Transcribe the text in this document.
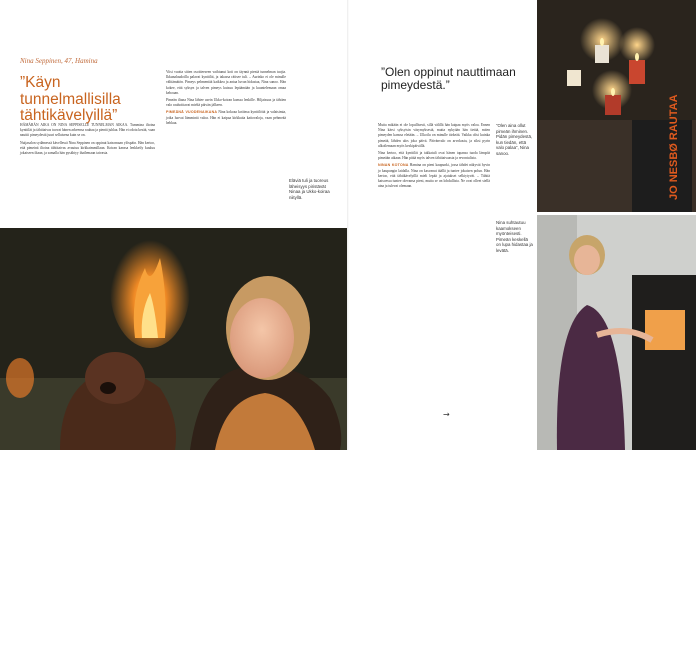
Nina Seppinen, 47, Hamina
”Käyn tunnelmallisilla tähtikävelyillä”

HÄMÄRÄN AIKA ON NINA SEPPISELLE TUNNELMAN AIKAA. Tummina iltoina kynttilät ja tähtitaivas tuovat hänen arkeensa rauhaa ja pientä juhlaa. Hän ei odota kesää, vaan nauttii pimeydestä juuri sellaisena kuin se on.

Nuijasalon sydämessä kävellessä Nina Seppinen on oppinut katsomaan ylöspäin. Hän kertoo, että pimeinä iltoina tähtitaivas avautuu kirkkaimmillaan. Koiran kanssa lenkkeily kuuluu jokaiseen iltaan, ja samalla hän pysähtyy ihailemaan taivasta.

Viisi vuotta sitten osoitteeseen vaihtunut koti on täynnä pieniä tunnelman tuojia. Ikkunalaudoilla palavat kynttilät, ja takassa rätisee tuli. – Aurinko ei ole minulle välttämätön. Pimeys pehmentää kaikkea ja antaa luvan hidastaa, Nina sanoo. Hän kokee, että syksyn ja talven pimeys kutsuu lepäämään ja kuuntelemaan omaa kehoaan.

Pimeän iltana Nina lähtee usein Ukko-koiran kanssa lenkille. Hiljaisuus ja tähtien valo rauhoittavat mieltä päivän jälkeen.

PIMEÄNÄ VUODENAIKANA Nina kokoaa kotiinsa kynttilöitä ja valaisimia, jotka luovat lämmintä valoa. Hän ei kaipaa kirkkaita kattovaloja, vaan pehmeää hehkua.

Eläviä tuli ja tuoreus läheisyys piristävät Ninaa ja Ukko-koiraa niityllä.
18 HYVÄ TERVEYS 11/2024
”Olen oppinut nauttimaan pimeydestä.”

Mutta mikään ei ole lopullisesti, sillä välillä hän kaipaa myös valoa. Ennen Nina kärsi syksyisin väsymyksestä, mutta nykyään hän tietää, miten pimeyden kanssa eletään. – Ulkoilu on minulle tärkeää. Vaikka olisi kuinka pimeää, lähden ulos joka päivä. Päivänvalo on arvokasta, ja siksi pyrin ulkoilemaan myös keskipäivällä.

Nina kertoo, että kynttilät ja takkatuli ovat hänen tapansa tuoda lämpöä pimeään aikaan. Hän pitää myös talven tähtitaivaasta ja revontulista.

NINAN KOTONA Hamina on pieni kaupunki, jossa tähdet näkyvät hyvin jo kaupungin laidalla. Nina on kasvanut täällä ja tuntee jokaisen polun. Hän kertoo, että tähtikävelyillä mieli lepää ja ajatukset selkiytyvät. – Tähtiä katsoessa tuntee olevansa pieni, mutta se on lohdullista. Ne ovat olleet siellä aina ja tulevat olemaan.

”Olen aina ollut pimeän ihminen. Pidän pimeydestä, kun tiedän, että valo palaa”, Nina sanoo.
Nina suhtautuu kaamokseen myönteisesti. Pimeän keskellä on lupa hidastaa ja levätä.
→
JO NESBØ RAUTAA
